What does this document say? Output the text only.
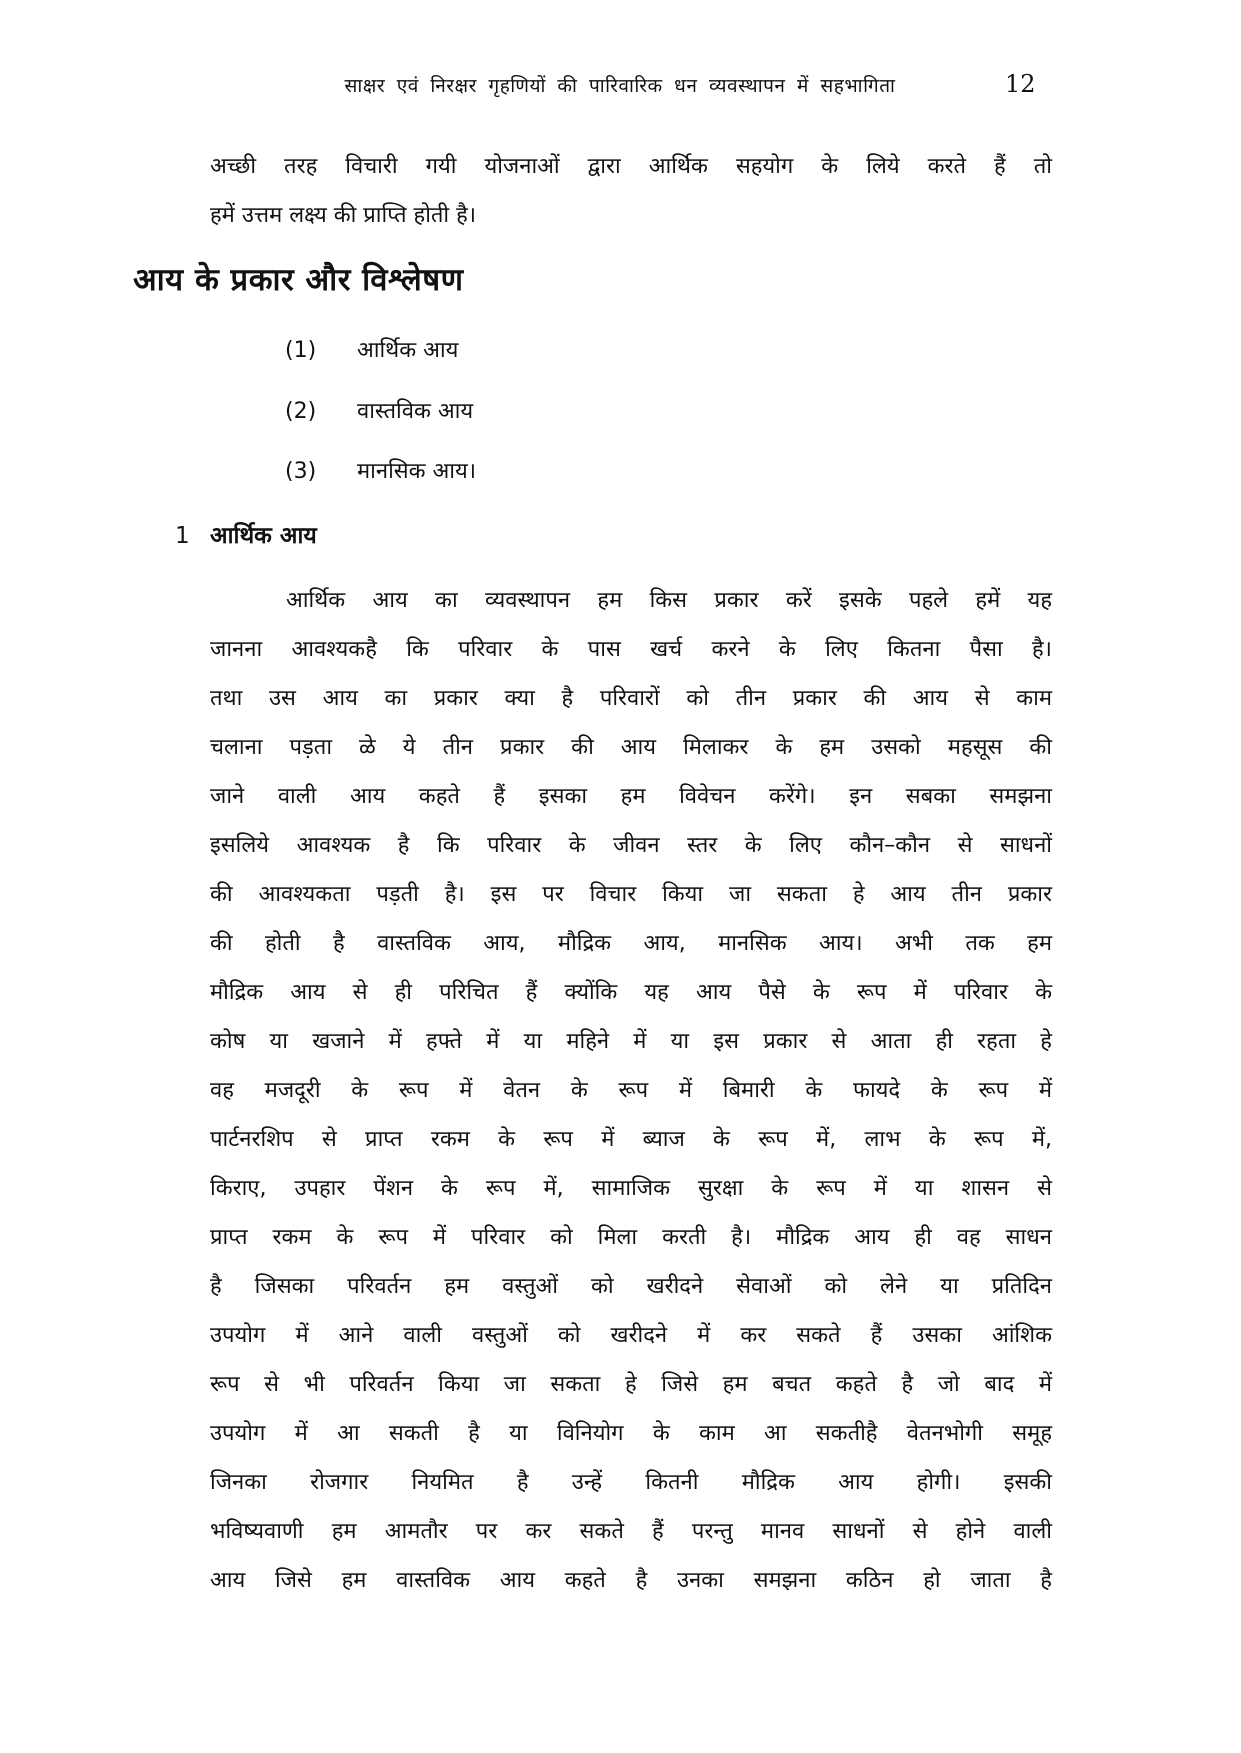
साक्षर एवं निरक्षर गृहणियों की पारिवारिक धन व्यवस्थापन में सहभागिता	12
अच्छी तरह विचारी गयी योजनाओं द्वारा आर्थिक सहयोग के लिये करते हैं तो
हमें उत्तम लक्ष्य की प्राप्ति होती है।
आय के प्रकार और विश्लेषण
(1) आर्थिक आय
(2) वास्तविक आय
(3) मानसिक आय।
1 आर्थिक आय
आर्थिक आय का व्यवस्थापन हम किस प्रकार करें इसके पहले हमें यह
जानना आवश्यकहै कि परिवार के पास खर्च करने के लिए कितना पैसा है।
तथा उस आय का प्रकार क्या है परिवारों को तीन प्रकार की आय से काम
चलाना पड़ता ळे ये तीन प्रकार की आय मिलाकर के हम उसको महसूस की
जाने वाली आय कहते हैं इसका हम विवेचन करेंगे। इन सबका समझना
इसलिये आवश्यक है कि परिवार के जीवन स्तर के लिए कौन–कौन से साधनों
की आवश्यकता पड़ती है। इस पर विचार किया जा सकता हे आय तीन प्रकार
की होती है वास्तविक आय, मौद्रिक आय, मानसिक आय। अभी तक हम
मौद्रिक आय से ही परिचित हैं क्योंकि यह आय पैसे के रूप में परिवार के
कोष या खजाने में हफ्ते में या महिने में या इस प्रकार से आता ही रहता हे
वह मजदूरी के रूप में वेतन के रूप में बिमारी के फायदे के रूप में
पार्टनरशिप से प्राप्त रकम के रूप में ब्याज के रूप में, लाभ के रूप में,
किराए, उपहार पेंशन के रूप में, सामाजिक सुरक्षा के रूप में या शासन से
प्राप्त रकम के रूप में परिवार को मिला करती है। मौद्रिक आय ही वह साधन
है जिसका परिवर्तन हम वस्तुओं को खरीदने सेवाओं को लेने या प्रतिदिन
उपयोग में आने वाली वस्तुओं को खरीदने में कर सकते हैं उसका आंशिक
रूप से भी परिवर्तन किया जा सकता हे जिसे हम बचत कहते है जो बाद में
उपयोग में आ सकती है या विनियोग के काम आ सकतीहै वेतनभोगी समूह
जिनका रोजगार नियमित है उन्हें कितनी मौद्रिक आय होगी। इसकी
भविष्यवाणी हम आमतौर पर कर सकते हैं परन्तु मानव साधनों से होने वाली
आय जिसे हम वास्तविक आय कहते है उनका समझना कठिन हो जाता है
